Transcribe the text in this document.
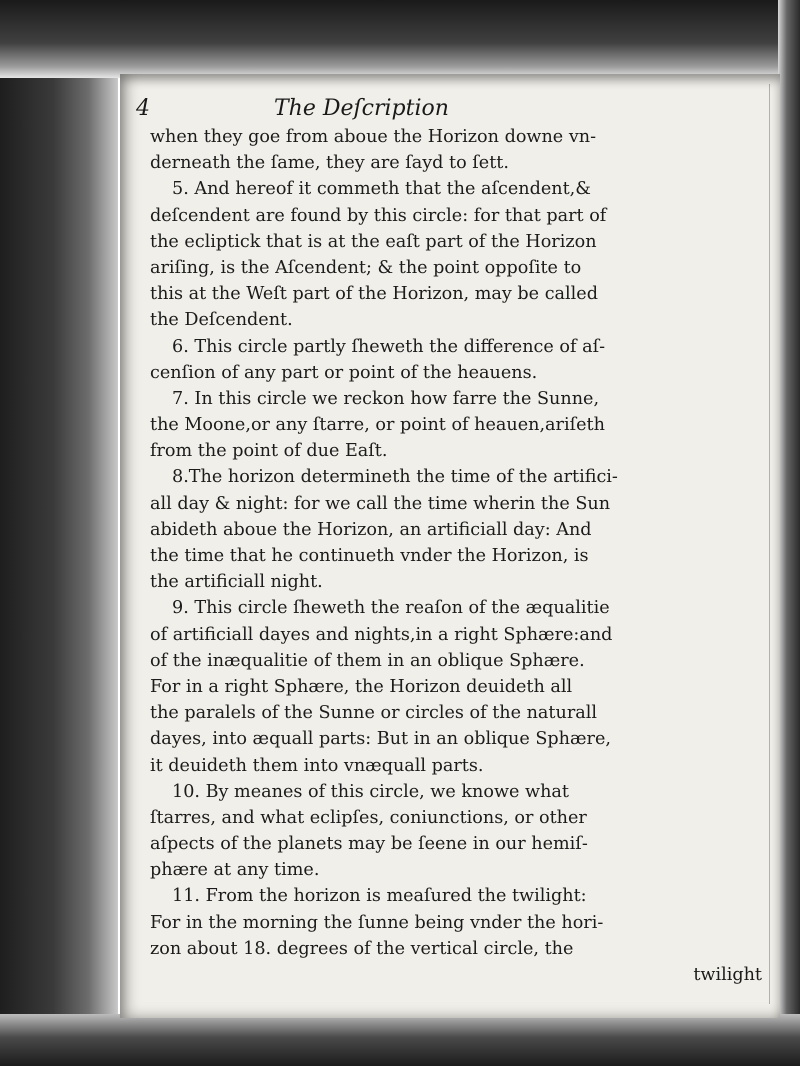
4	The Deſcription
when they goe from aboue the Horizon downe vn-
derneath the ſame, they are ſayd to ſett.
5. And hereof it commeth that the aſcendent,&
deſcendent are found by this circle: for that part of
the ecliptick that is at the eaſt part of the Horizon
ariſing, is the Aſcendent; & the point oppoſite to
this at the Weſt part of the Horizon, may be called
the Deſcendent.
6. This circle partly ſheweth the difference of aſ-
cenſion of any part or point of the heauens.
7. In this circle we reckon how farre the Sunne,
the Moone,or any ſtarre, or point of heauen,ariſeth
from the point of due Eaſt.
8.The horizon determineth the time of the artifici-
all day & night: for we call the time wherin the Sun
abideth aboue the Horizon, an artificiall day: And
the time that he continueth vnder the Horizon, is
the artificiall night.
9. This circle ſheweth the reaſon of the æqualitie
of artificiall dayes and nights,in a right Sphære:and
of the inæqualitie of them in an oblique Sphære.
For in a right Sphære, the Horizon deuideth all
the paralels of the Sunne or circles of the naturall
dayes, into æquall parts: But in an oblique Sphære,
it deuideth them into vnæquall parts.
10. By meanes of this circle, we knowe what
ſtarres, and what eclipſes, coniunctions, or other
aſpects of the planets may be ſeene in our hemiſ-
phære at any time.
11. From the horizon is meaſured the twilight:
For in the morning the ſunne being vnder the hori-
zon about 18. degrees of the vertical circle, the
twilight
